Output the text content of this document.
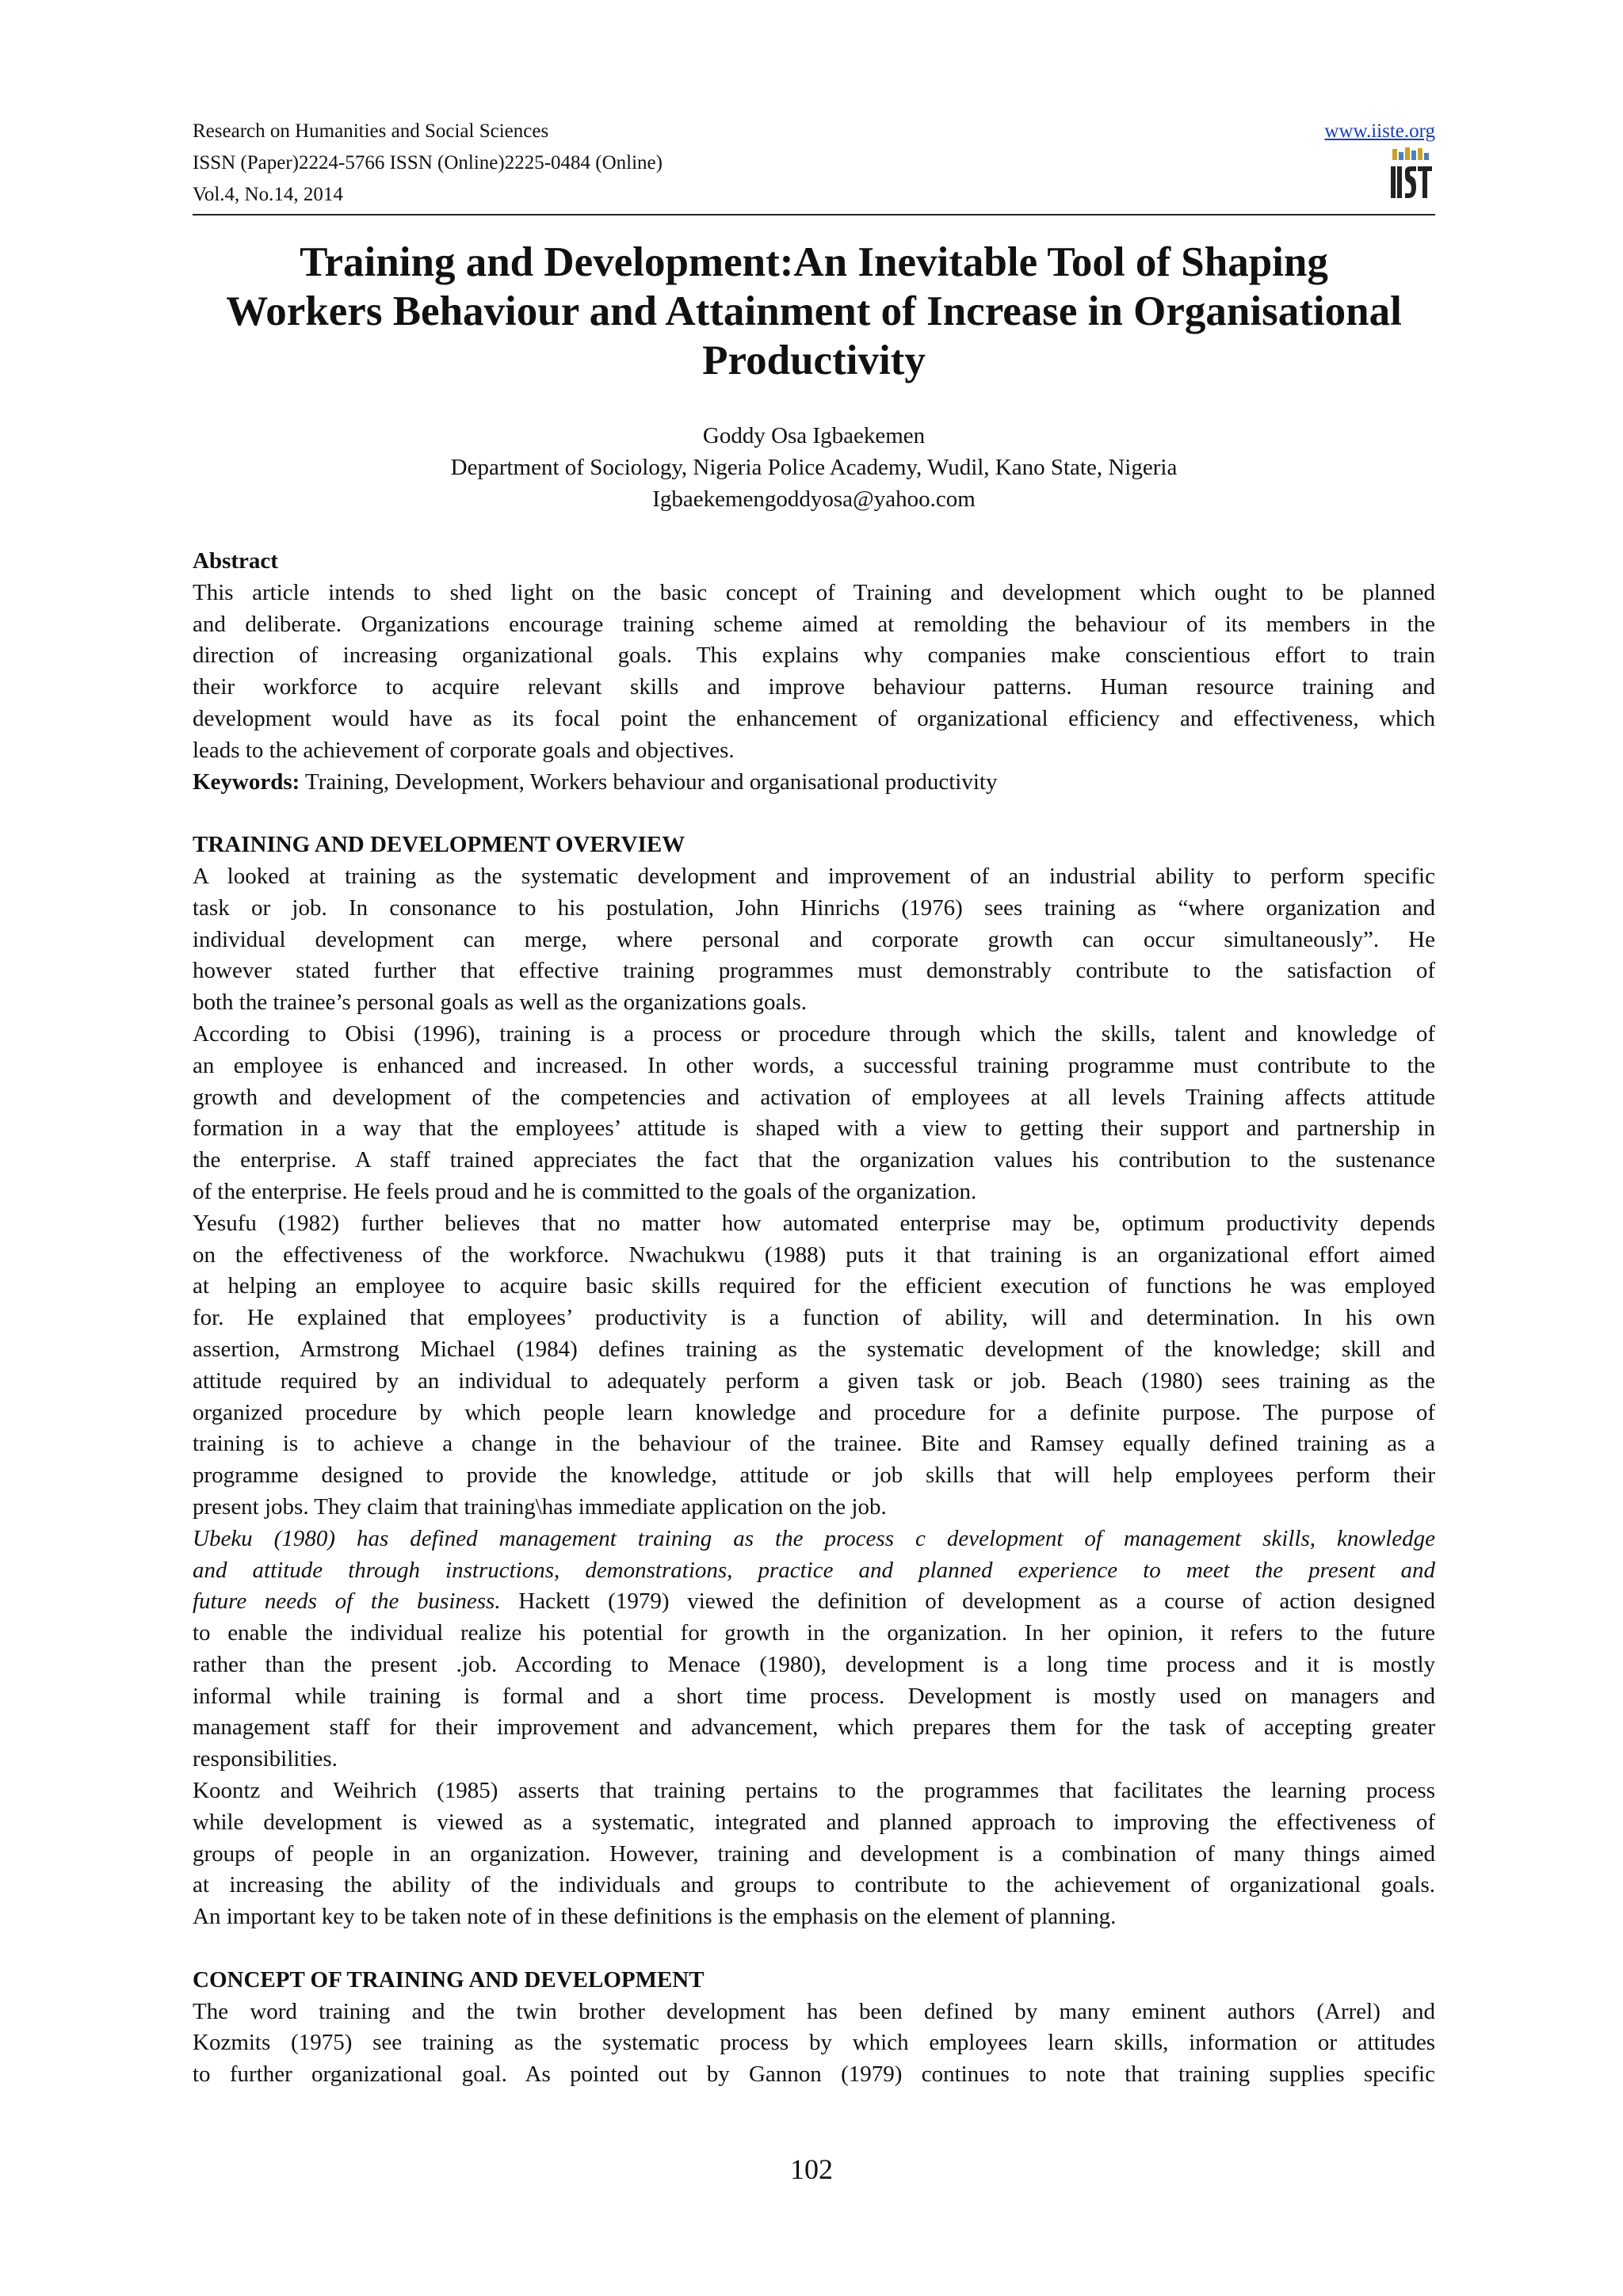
Research on Humanities and Social Sciences
ISSN (Paper)2224-5766 ISSN (Online)2225-0484 (Online)
Vol.4, No.14, 2014
www.iiste.org
Training and Development:An Inevitable Tool of Shaping
Workers Behaviour and Attainment of Increase in Organisational
Productivity
Goddy Osa Igbaekemen
Department of Sociology, Nigeria Police Academy, Wudil, Kano State, Nigeria
Igbaekemengoddyosa@yahoo.com
Abstract
This article intends to shed light on the basic concept of Training and development which ought to be planned
and deliberate. Organizations encourage training scheme aimed at remolding the behaviour of its members in the
direction of increasing organizational goals. This explains why companies make conscientious effort to train
their workforce to acquire relevant skills and improve behaviour patterns. Human resource training and
development would have as its focal point the enhancement of organizational efficiency and effectiveness, which
leads to the achievement of corporate goals and objectives.
Keywords: Training, Development, Workers behaviour and organisational productivity
TRAINING AND DEVELOPMENT OVERVIEW
A looked at training as the systematic development and improvement of an industrial ability to perform specific
task or job. In consonance to his postulation, John Hinrichs (1976) sees training as “where organization and
individual development can merge, where personal and corporate growth can occur simultaneously”. He
however stated further that effective training programmes must demonstrably contribute to the satisfaction of
both the trainee’s personal goals as well as the organizations goals.
According to Obisi (1996), training is a process or procedure through which the skills, talent and knowledge of
an employee is enhanced and increased. In other words, a successful training programme must contribute to the
growth and development of the competencies and activation of employees at all levels Training affects attitude
formation in a way that the employees’ attitude is shaped with a view to getting their support and partnership in
the enterprise. A staff trained appreciates the fact that the organization values his contribution to the sustenance
of the enterprise. He feels proud and he is committed to the goals of the organization.
Yesufu (1982) further believes that no matter how automated enterprise may be, optimum productivity depends
on the effectiveness of the workforce. Nwachukwu (1988) puts it that training is an organizational effort aimed
at helping an employee to acquire basic skills required for the efficient execution of functions he was employed
for. He explained that employees’ productivity is a function of ability, will and determination. In his own
assertion, Armstrong Michael (1984) defines training as the systematic development of the knowledge; skill and
attitude required by an individual to adequately perform a given task or job. Beach (1980) sees training as the
organized procedure by which people learn knowledge and procedure for a definite purpose. The purpose of
training is to achieve a change in the behaviour of the trainee. Bite and Ramsey equally defined training as a
programme designed to provide the knowledge, attitude or job skills that will help employees perform their
present jobs. They claim that training\has immediate application on the job.
Ubeku (1980) has defined management training as the process c development of management skills, knowledge
and attitude through instructions, demonstrations, practice and planned experience to meet the present and
future needs of the business. Hackett (1979) viewed the definition of development as a course of action designed
to enable the individual realize his potential for growth in the organization. In her opinion, it refers to the future
rather than the present .job. According to Menace (1980), development is a long time process and it is mostly
informal while training is formal and a short time process. Development is mostly used on managers and
management staff for their improvement and advancement, which prepares them for the task of accepting greater
responsibilities.
Koontz and Weihrich (1985) asserts that training pertains to the programmes that facilitates the learning process
while development is viewed as a systematic, integrated and planned approach to improving the effectiveness of
groups of people in an organization. However, training and development is a combination of many things aimed
at increasing the ability of the individuals and groups to contribute to the achievement of organizational goals.
An important key to be taken note of in these definitions is the emphasis on the element of planning.
CONCEPT OF TRAINING AND DEVELOPMENT
The word training and the twin brother development has been defined by many eminent authors (Arrel) and
Kozmits (1975) see training as the systematic process by which employees learn skills, information or attitudes
to further organizational goal. As pointed out by Gannon (1979) continues to note that training supplies specific
102
